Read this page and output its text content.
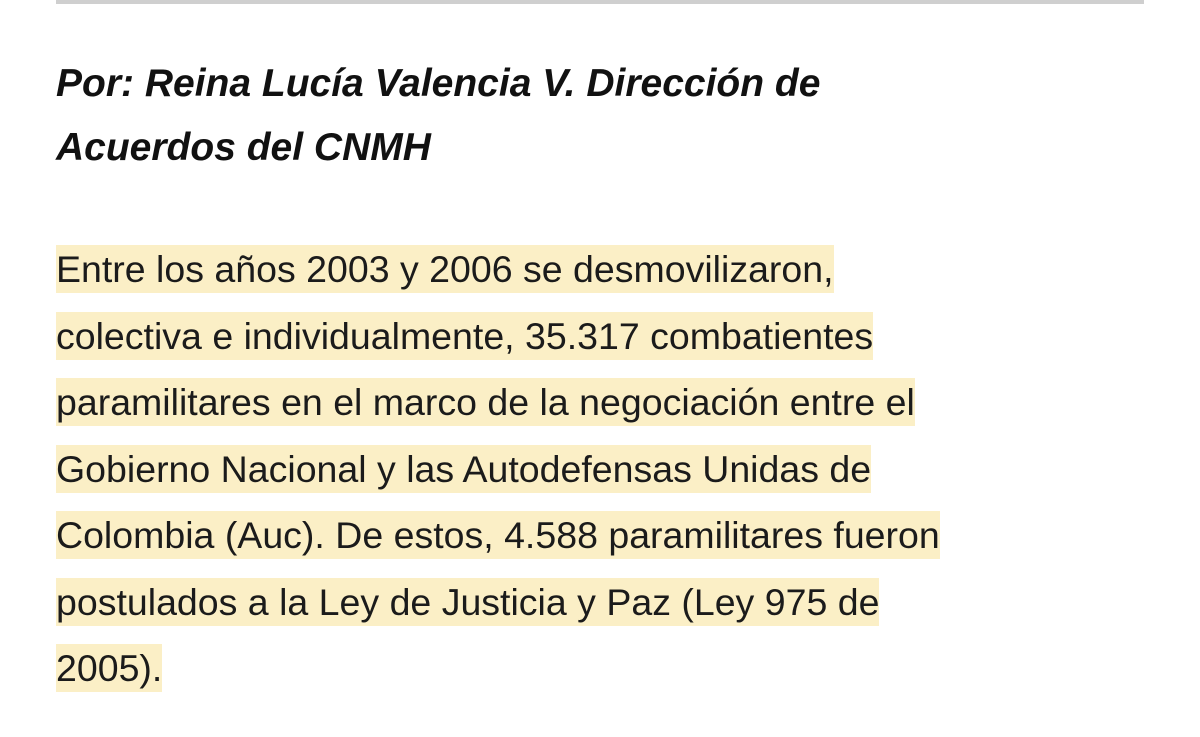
Por: Reina Lucía Valencia V. Dirección de
Acuerdos del CNMH

Entre los años 2003 y 2006 se desmovilizaron,
colectiva e individualmente, 35.317 combatientes
paramilitares en el marco de la negociación entre el
Gobierno Nacional y las Autodefensas Unidas de
Colombia (Auc). De estos, 4.588 paramilitares fueron
postulados a la Ley de Justicia y Paz (Ley 975 de
2005).
